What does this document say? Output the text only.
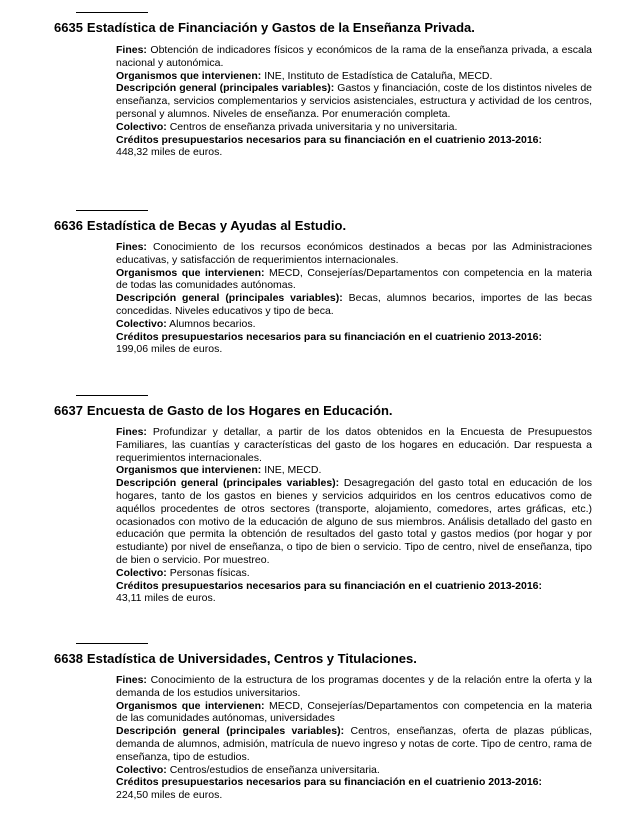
6635 Estadística de Financiación y Gastos de la Enseñanza Privada.

Fines: Obtención de indicadores físicos y económicos de la rama de la enseñanza privada, a escala nacional y autonómica.

Organismos que intervienen: INE, Instituto de Estadística de Cataluña, MECD.

Descripción general (principales variables): Gastos y financiación, coste de los distintos niveles de enseñanza, servicios complementarios y servicios asistenciales, estructura y actividad de los centros, personal y alumnos. Niveles de enseñanza. Por enumeración completa.

Colectivo: Centros de enseñanza privada universitaria y no universitaria.

Créditos presupuestarios necesarios para su financiación en el cuatrienio 2013-2016:

448,32 miles de euros.

6636 Estadística de Becas y Ayudas al Estudio.

Fines: Conocimiento de los recursos económicos destinados a becas por las Administraciones educativas, y satisfacción de requerimientos internacionales.

Organismos que intervienen: MECD, Consejerías/Departamentos con competencia en la materia de todas las comunidades autónomas.

Descripción general (principales variables): Becas, alumnos becarios, importes de las becas concedidas. Niveles educativos y tipo de beca.

Colectivo: Alumnos becarios.

Créditos presupuestarios necesarios para su financiación en el cuatrienio 2013-2016:

199,06 miles de euros.

6637 Encuesta de Gasto de los Hogares en Educación.

Fines: Profundizar y detallar, a partir de los datos obtenidos en la Encuesta de Presupuestos Familiares, las cuantías y características del gasto de los hogares en educación. Dar respuesta a requerimientos internacionales.

Organismos que intervienen: INE, MECD.

Descripción general (principales variables): Desagregación del gasto total en educación de los hogares, tanto de los gastos en bienes y servicios adquiridos en los centros educativos como de aquéllos procedentes de otros sectores (transporte, alojamiento, comedores, artes gráficas, etc.) ocasionados con motivo de la educación de alguno de sus miembros. Análisis detallado del gasto en educación que permita la obtención de resultados del gasto total y gastos medios (por hogar y por estudiante) por nivel de enseñanza, o tipo de bien o servicio. Tipo de centro, nivel de enseñanza, tipo de bien o servicio. Por muestreo.

Colectivo: Personas físicas.

Créditos presupuestarios necesarios para su financiación en el cuatrienio 2013-2016:

43,11 miles de euros.

6638 Estadística de Universidades, Centros y Titulaciones.

Fines: Conocimiento de la estructura de los programas docentes y de la relación entre la oferta y la demanda de los estudios universitarios.

Organismos que intervienen: MECD, Consejerías/Departamentos con competencia en la materia de las comunidades autónomas, universidades

Descripción general (principales variables): Centros, enseñanzas, oferta de plazas públicas, demanda de alumnos, admisión, matrícula de nuevo ingreso y notas de corte. Tipo de centro, rama de enseñanza, tipo de estudios.

Colectivo: Centros/estudios de enseñanza universitaria.

Créditos presupuestarios necesarios para su financiación en el cuatrienio 2013-2016:

224,50 miles de euros.
